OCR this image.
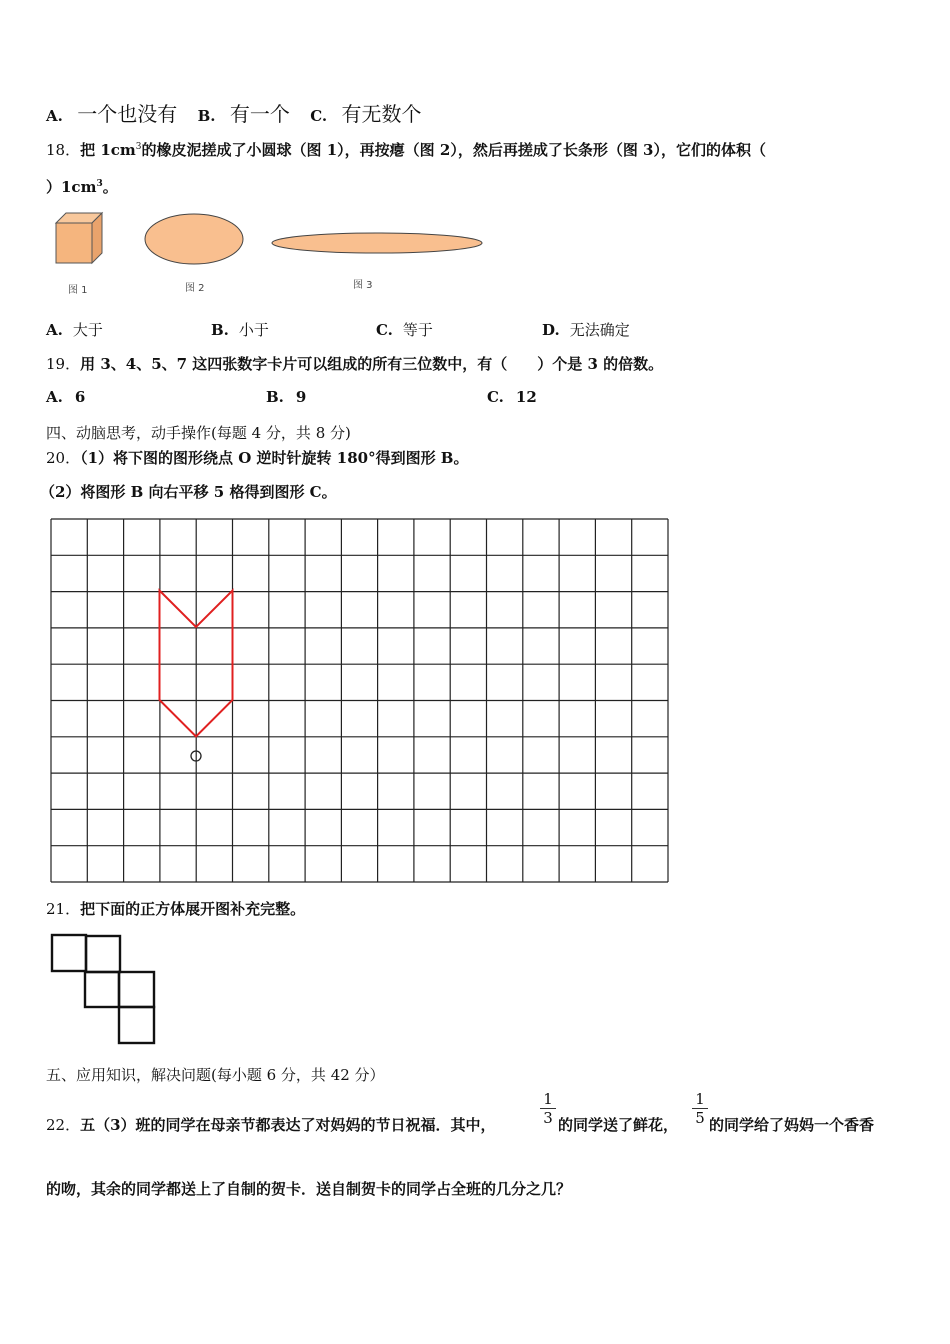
A. 一个也没有 B. 有一个 C. 有无数个
18．把 $1cm^3$的橡皮泥搓成了小圆球（图 1），再按瘪（图 2），然后再搓成了长条形（图 3），它们的体积（
）$1cm^3$。
图 1	图 2	图 3
A. 大于	B. 小于	C. 等于	D. 无法确定
19．用 3、4、5、7 这四张数字卡片可以组成的所有三位数中，有（　　）个是 3 的倍数。
A. 6	B. 9	C. 12
四、动脑思考，动手操作(每题 4 分，共 8 分)
20．（1）将下图的图形绕点 O 逆时针旋转 180°得到图形 B。
（2）将图形 B 向右平移 5 格得到图形 C。
21．把下面的正方体展开图补充完整。
五、应用知识，解决问题(每小题 6 分，共 42 分）
22．五（3）班的同学在母亲节都表达了对妈妈的节日祝福．其中，	$\frac{1}{3}$ 的同学送了鲜花， $\frac{1}{5}$ 的同学给了妈妈一个香香
的吻，其余的同学都送上了自制的贺卡．送自制贺卡的同学占全班的几分之几？
